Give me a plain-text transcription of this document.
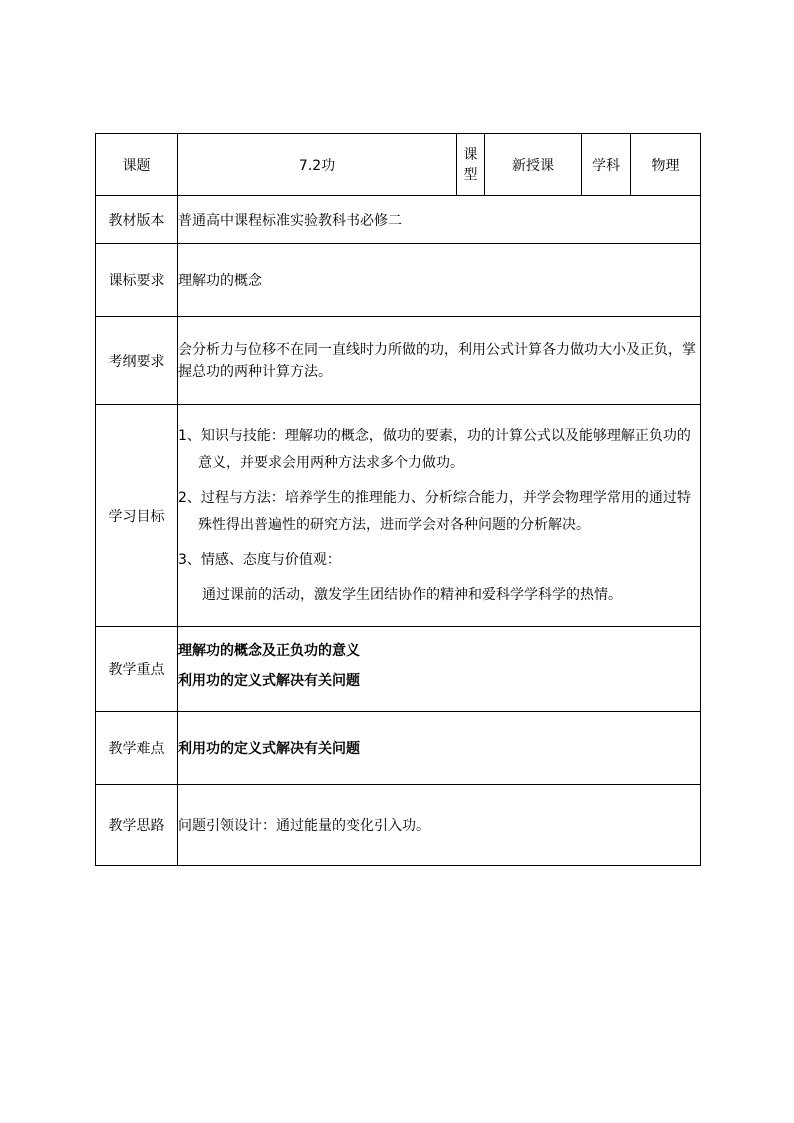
课题	7.2功	课型	新授课	学科	物理
教材版本	普通高中课程标准实验教科书必修二				
课标要求	理解功的概念				
考纲要求	会分析力与位移不在同一直线时力所做的功，利用公式计算各力做功大小及正负，掌握总功的两种计算方法。				
学习目标	1、知识与技能：理解功的概念，做功的要素，功的计算公式以及能够理解正负功的意义，并要求会用两种方法求多个力做功。

2、过程与方法：培养学生的推理能力、分析综合能力，并学会物理学常用的通过特殊性得出普遍性的研究方法，进而学会对各种问题的分析解决。

3、情感、态度与价值观：

通过课前的活动，激发学生团结协作的精神和爱科学学科学的热情。				

教学重点	理解功的概念及正负功的意义
利用功的定义式解决有关问题				

教学难点	利用功的定义式解决有关问题				
教学思路	问题引领设计：通过能量的变化引入功。				
